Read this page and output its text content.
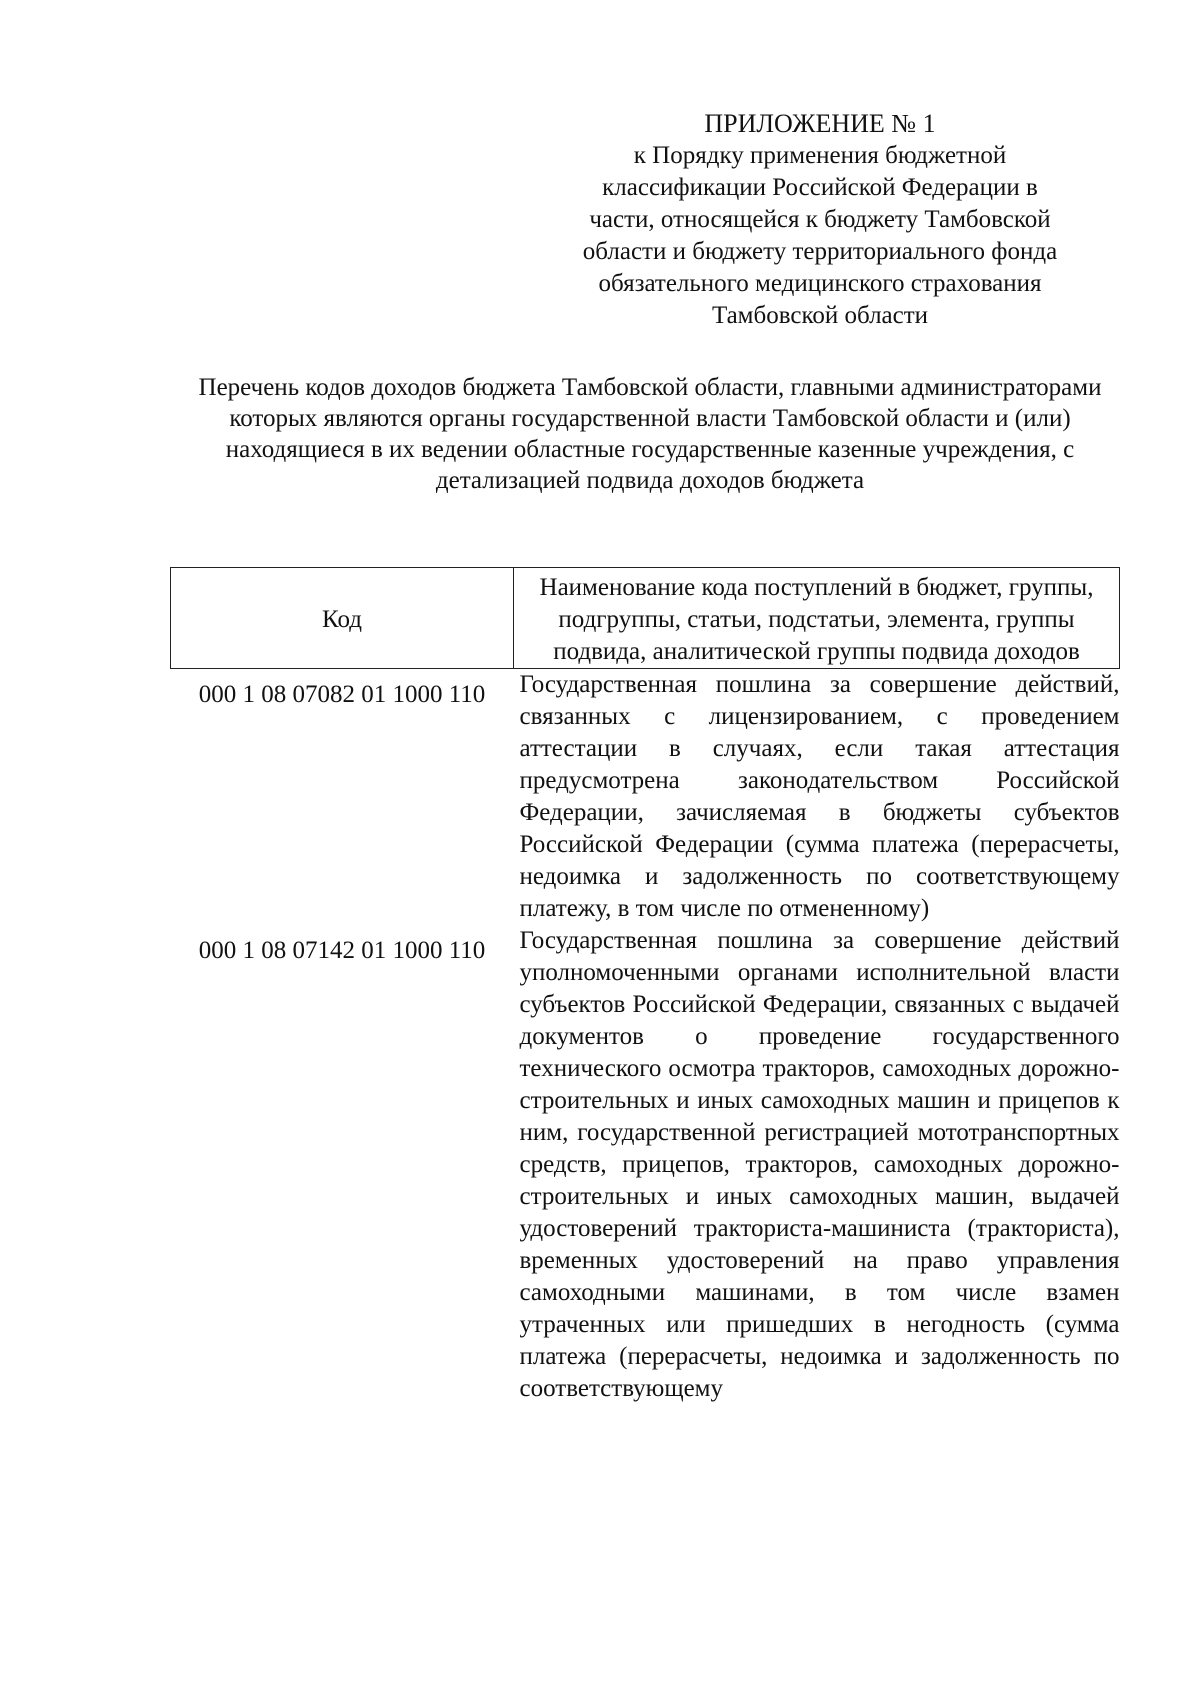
ПРИЛОЖЕНИЕ № 1
к Порядку применения бюджетной
классификации Российской Федерации в
части, относящейся к бюджету Тамбовской
области и бюджету территориального фонда
обязательного медицинского страхования
Тамбовской области
Перечень кодов доходов бюджета Тамбовской области, главными администраторами которых являются органы государственной власти Тамбовской области и (или) находящиеся в их ведении областные государственные казенные учреждения, с детализацией подвида доходов бюджета
Код	Наименование кода поступлений в бюджет, группы, подгруппы, статьи, подстатьи, элемента, группы подвида, аналитической группы подвида доходов
000 1 08 07082 01 1000 110	Государственная пошлина за совершение действий, связанных с лицензированием, с проведением аттестации в случаях, если такая аттестация предусмотрена законодательством Российской Федерации, зачисляемая в бюджеты субъектов Российской Федерации (сумма платежа (перерасчеты, недоимка и задолженность по соответствующему платежу, в том числе по отмененному)
000 1 08 07142 01 1000 110	Государственная пошлина за совершение действий уполномоченными органами исполнительной власти субъектов Российской Федерации, связанных с выдачей документов о проведение государственного технического осмотра тракторов, самоходных дорожно-строительных и иных самоходных машин и прицепов к ним, государственной регистрацией мототранспортных средств, прицепов, тракторов, самоходных дорожно-строительных и иных самоходных машин, выдачей удостоверений тракториста-машиниста (тракториста), временных удостоверений на право управления самоходными машинами, в том числе взамен утраченных или пришедших в негодность (сумма платежа (перерасчеты, недоимка и задолженность по соответствующему
